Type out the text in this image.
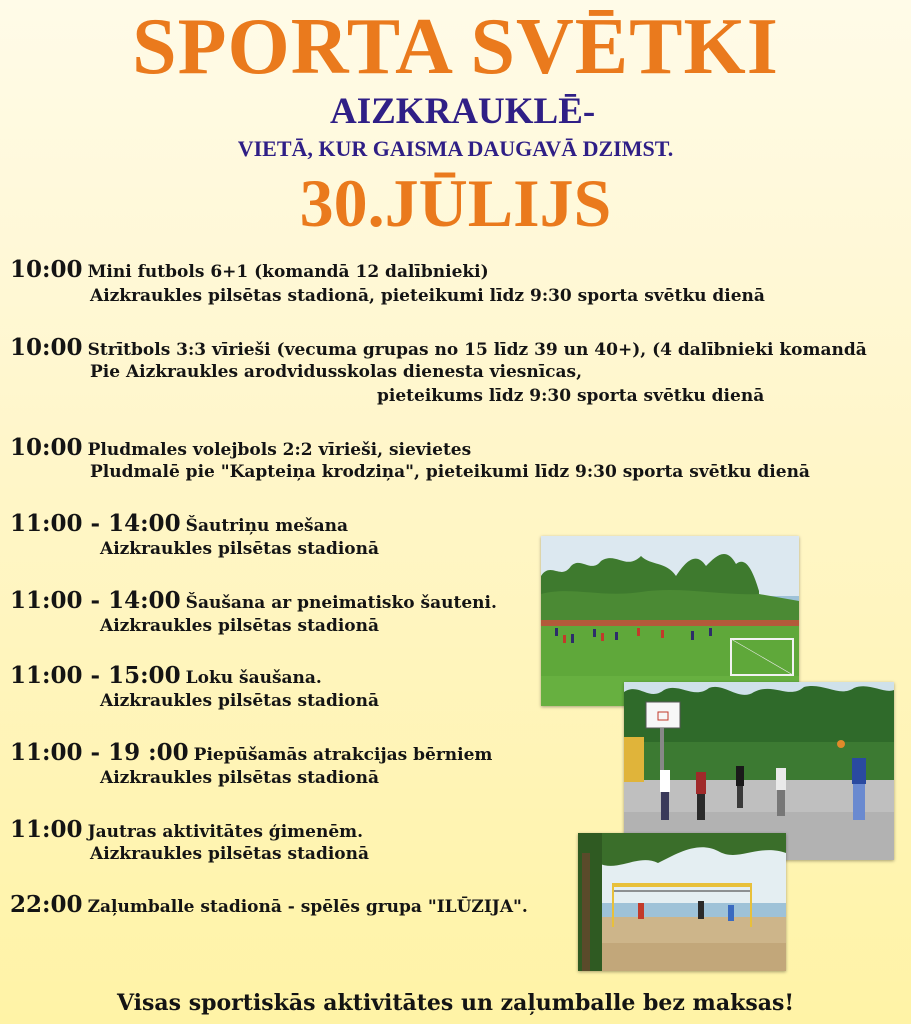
SPORTA SVĒTKI
AIZKRAUKLĒ-
VIETĀ, KUR GAISMA DAUGAVĀ DZIMST.
30.JŪLIJS
10:00 Mini futbols 6+1 (komandā 12 dalībnieki)
Aizkraukles pilsētas stadionā, pieteikumi līdz 9:30 sporta svētku dienā
10:00 Strītbols 3:3 vīrieši (vecuma grupas no 15 līdz 39 un 40+), (4 dalībnieki komandā
Pie Aizkraukles arodvidusskolas dienesta viesnīcas,
pieteikums līdz 9:30 sporta svētku dienā
10:00 Pludmales volejbols 2:2 vīrieši, sievietes
Pludmalē pie "Kapteiņa krodziņa", pieteikumi līdz 9:30 sporta svētku dienā
11:00 - 14:00 Šautriņu mešana
Aizkraukles pilsētas stadionā
11:00 - 14:00 Šaušana ar pneimatisko šauteni.
Aizkraukles pilsētas stadionā
11:00 - 15:00 Loku šaušana.
Aizkraukles pilsētas stadionā
11:00 - 19 :00 Piepūšamās atrakcijas bērniem
Aizkraukles pilsētas stadionā
11:00 Jautras aktivitātes ģimenēm.
Aizkraukles pilsētas stadionā
22:00 Zaļumballe stadionā - spēlēs grupa "ILŪZIJA".
Visas sportiskās aktivitātes un zaļumballe bez maksas!
